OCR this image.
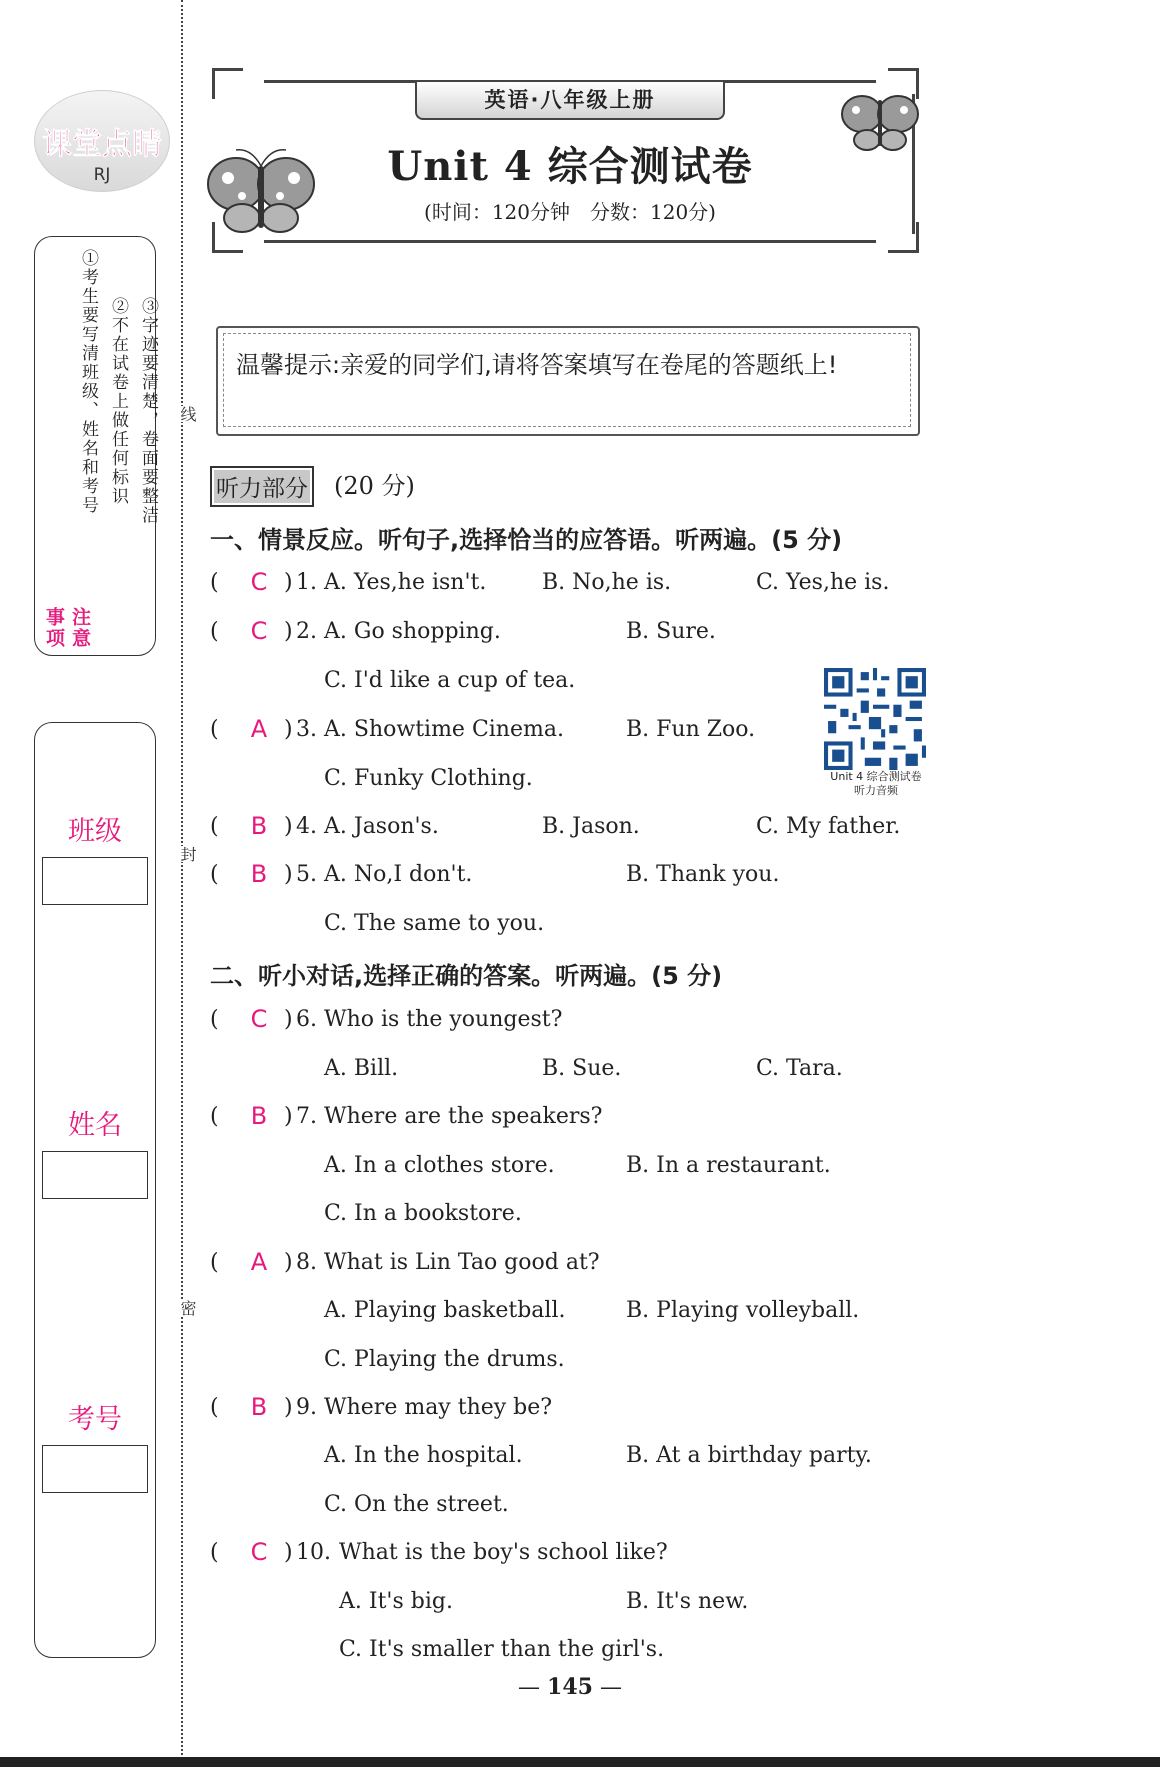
课堂点睛
RJ
注意事项
①考生要写清班级、姓名和考号 ②不在试卷上做任何标识 ③字迹要清楚，卷面要整洁
班级
姓名
考号
线
封
密
英语·八年级上册
Unit 4 综合测试卷
(时间：120分钟　分数：120分)
温馨提示:亲爱的同学们,请将答案填写在卷尾的答题纸上!
听力部分 (20 分)
一、情景反应。听句子,选择恰当的应答语。听两遍。(5 分)
( C ) 1. A. Yes,he isn't.	B. No,he is.	C. Yes,he is.
( C ) 2. A. Go shopping.	B. Sure.
C. I'd like a cup of tea.
( A ) 3. A. Showtime Cinema.	B. Fun Zoo.
C. Funky Clothing.	Unit 4 综合测试卷
听力音频
( B ) 4. A. Jason's.	B. Jason.	C. My father.
( B ) 5. A. No,I don't.	B. Thank you.
C. The same to you.
二、听小对话,选择正确的答案。听两遍。(5 分)
( C ) 6. Who is the youngest?
A. Bill.	B. Sue.	C. Tara.
( B ) 7. Where are the speakers?
A. In a clothes store.	B. In a restaurant.
C. In a bookstore.
( A ) 8. What is Lin Tao good at?
A. Playing basketball.	B. Playing volleyball.
C. Playing the drums.
( B ) 9. Where may they be?
A. In the hospital.	B. At a birthday party.
C. On the street.
( C ) 10. What is the boy's school like?
A. It's big.	B. It's new.
C. It's smaller than the girl's.
— 145 —
